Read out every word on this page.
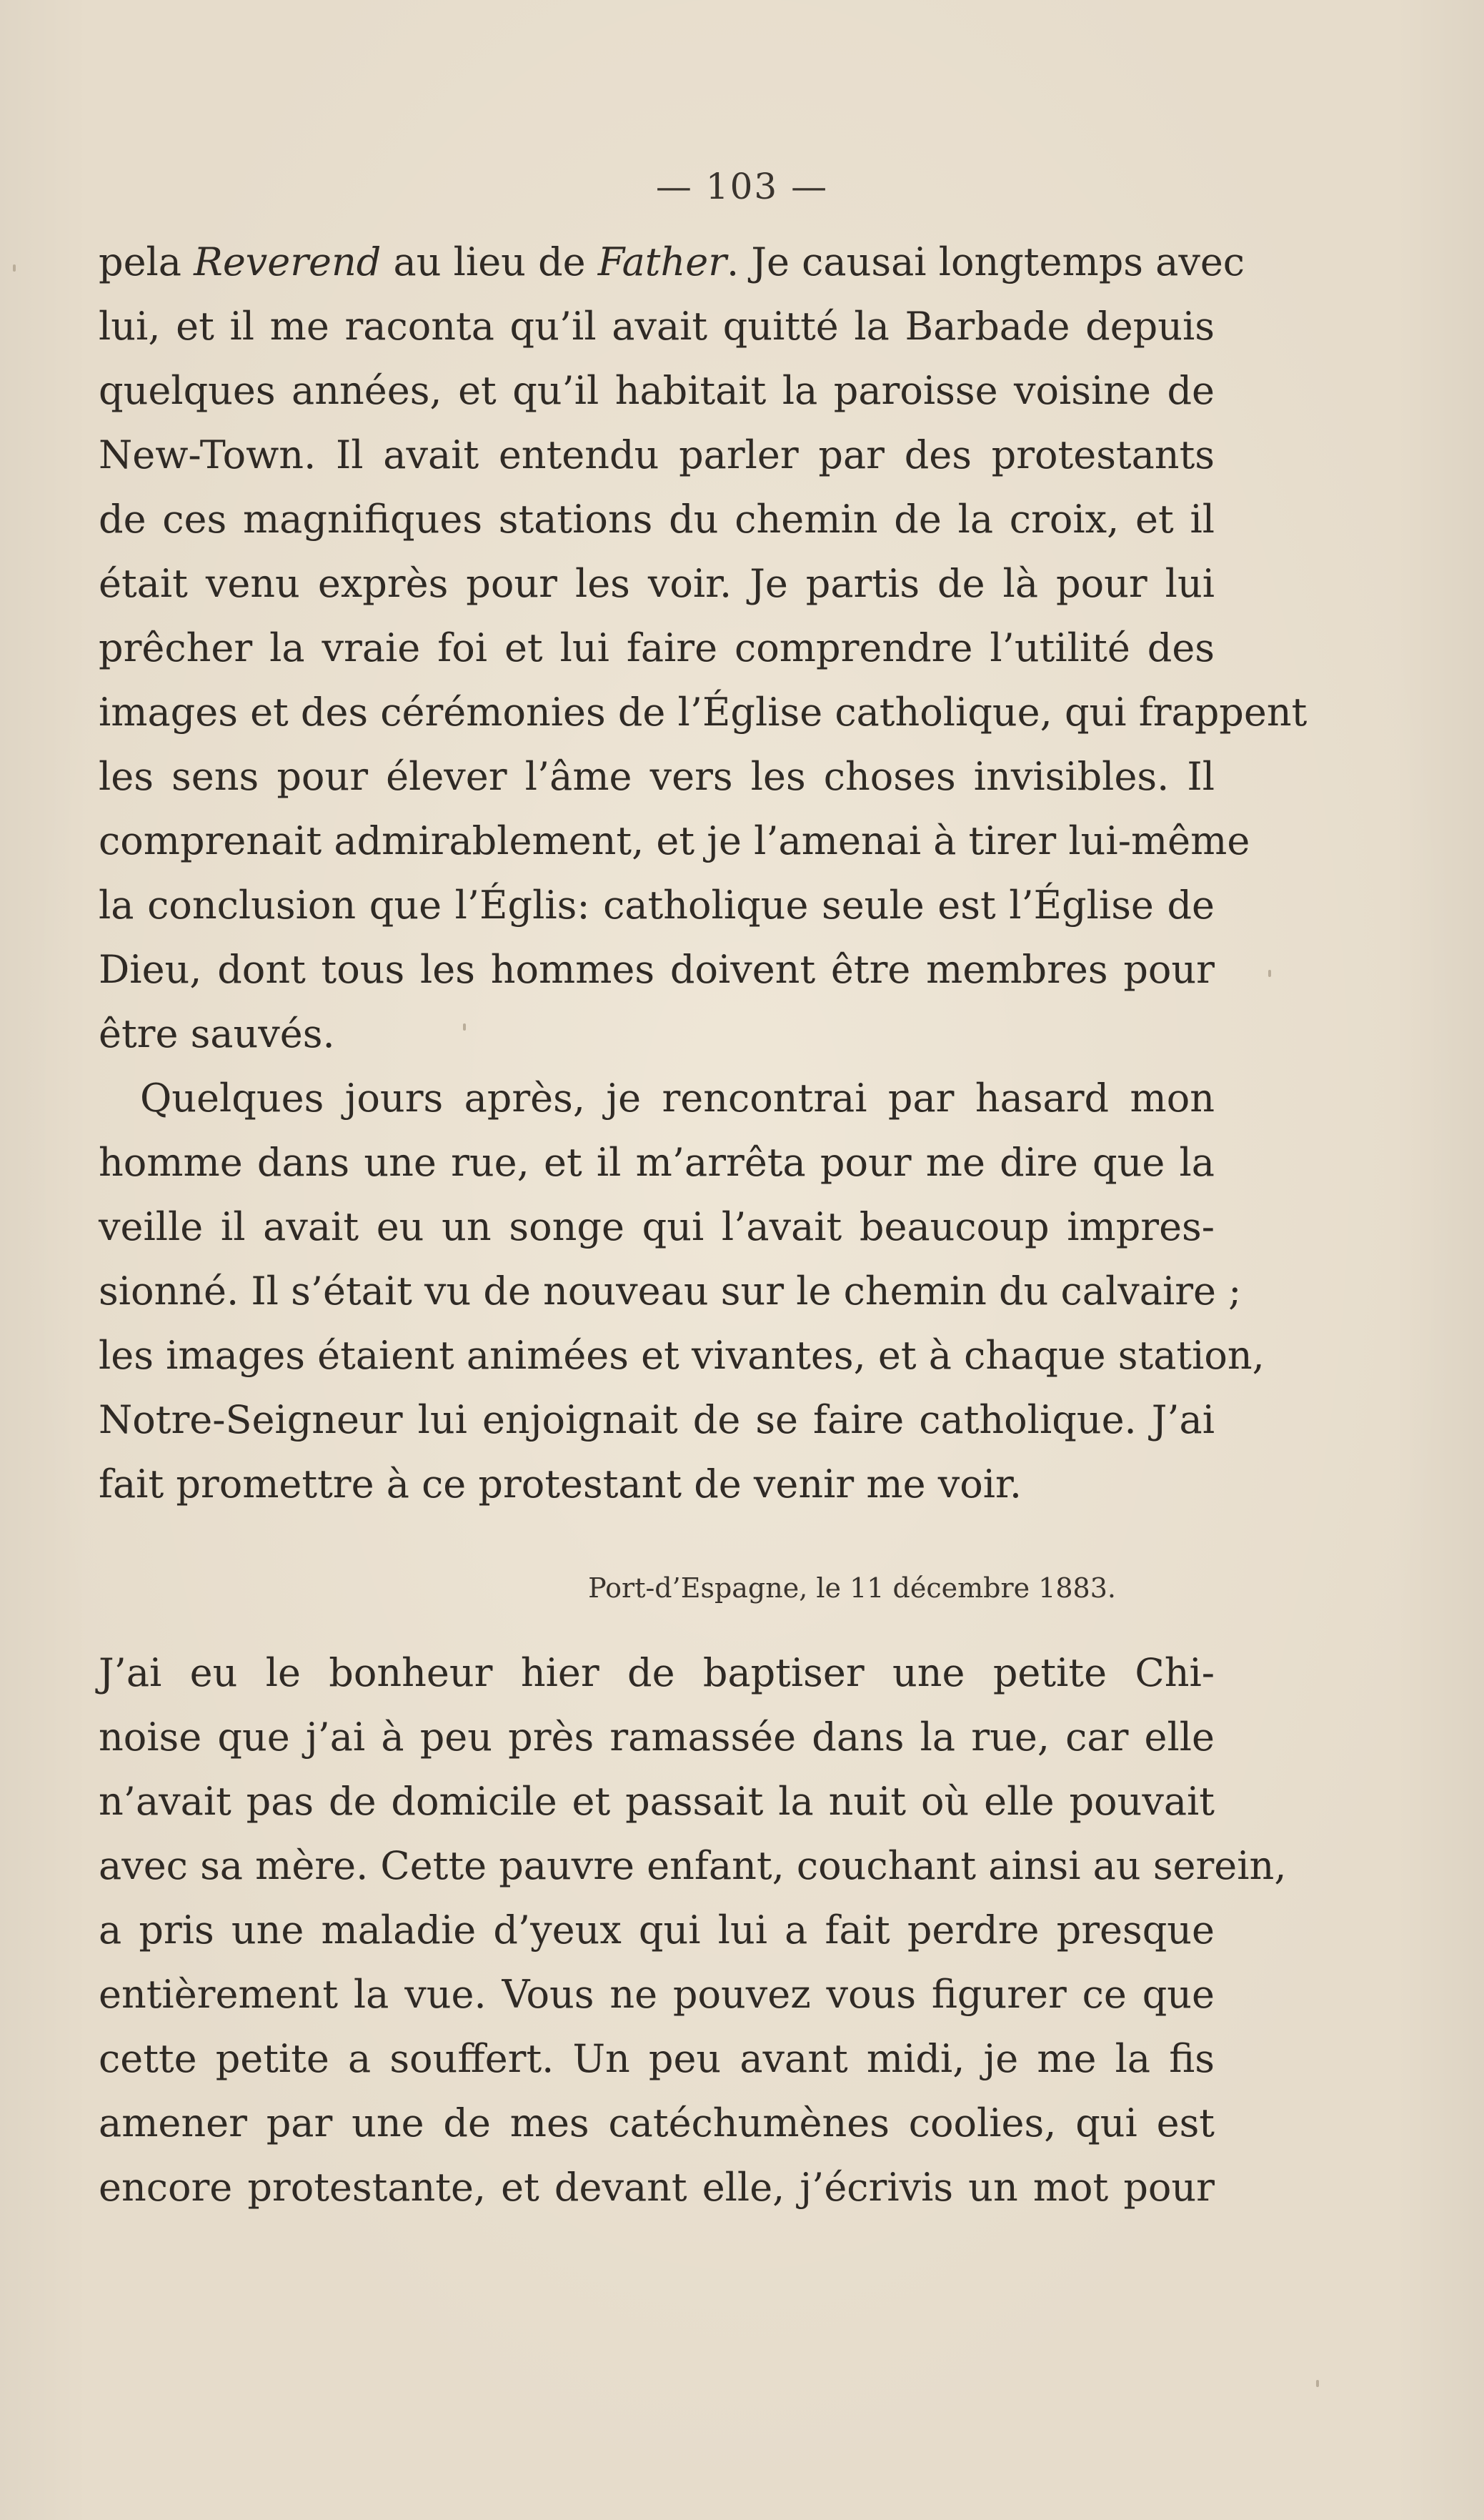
— 103 —
pela Reverend au lieu de Father. Je causai longtemps avec
lui, et il me raconta qu’il avait quitté la Barbade depuis
quelques années, et qu’il habitait la paroisse voisine de
New-Town. Il avait entendu parler par des protestants
de ces magnifiques stations du chemin de la croix, et il
était venu exprès pour les voir. Je partis de là pour lui
prêcher la vraie foi et lui faire comprendre l’utilité des
images et des cérémonies de l’Église catholique, qui frappent
les sens pour élever l’âme vers les choses invisibles. Il
comprenait admirablement, et je l’amenai à tirer lui-même
la conclusion que l’Églis: catholique seule est l’Église de
Dieu, dont tous les hommes doivent être membres pour
être sauvés.
Quelques jours après, je rencontrai par hasard mon
homme dans une rue, et il m’arrêta pour me dire que la
veille il avait eu un songe qui l’avait beaucoup impres-
sionné. Il s’était vu de nouveau sur le chemin du calvaire ;
les images étaient animées et vivantes, et à chaque station,
Notre-Seigneur lui enjoignait de se faire catholique. J’ai
fait promettre à ce protestant de venir me voir.
Port-d’Espagne, le 11 décembre 1883.
J’ai eu le bonheur hier de baptiser une petite Chi-
noise que j’ai à peu près ramassée dans la rue, car elle
n’avait pas de domicile et passait la nuit où elle pouvait
avec sa mère. Cette pauvre enfant, couchant ainsi au serein,
a pris une maladie d’yeux qui lui a fait perdre presque
entièrement la vue. Vous ne pouvez vous figurer ce que
cette petite a souffert. Un peu avant midi, je me la fis
amener par une de mes catéchumènes coolies, qui est
encore protestante, et devant elle, j’écrivis un mot pour
